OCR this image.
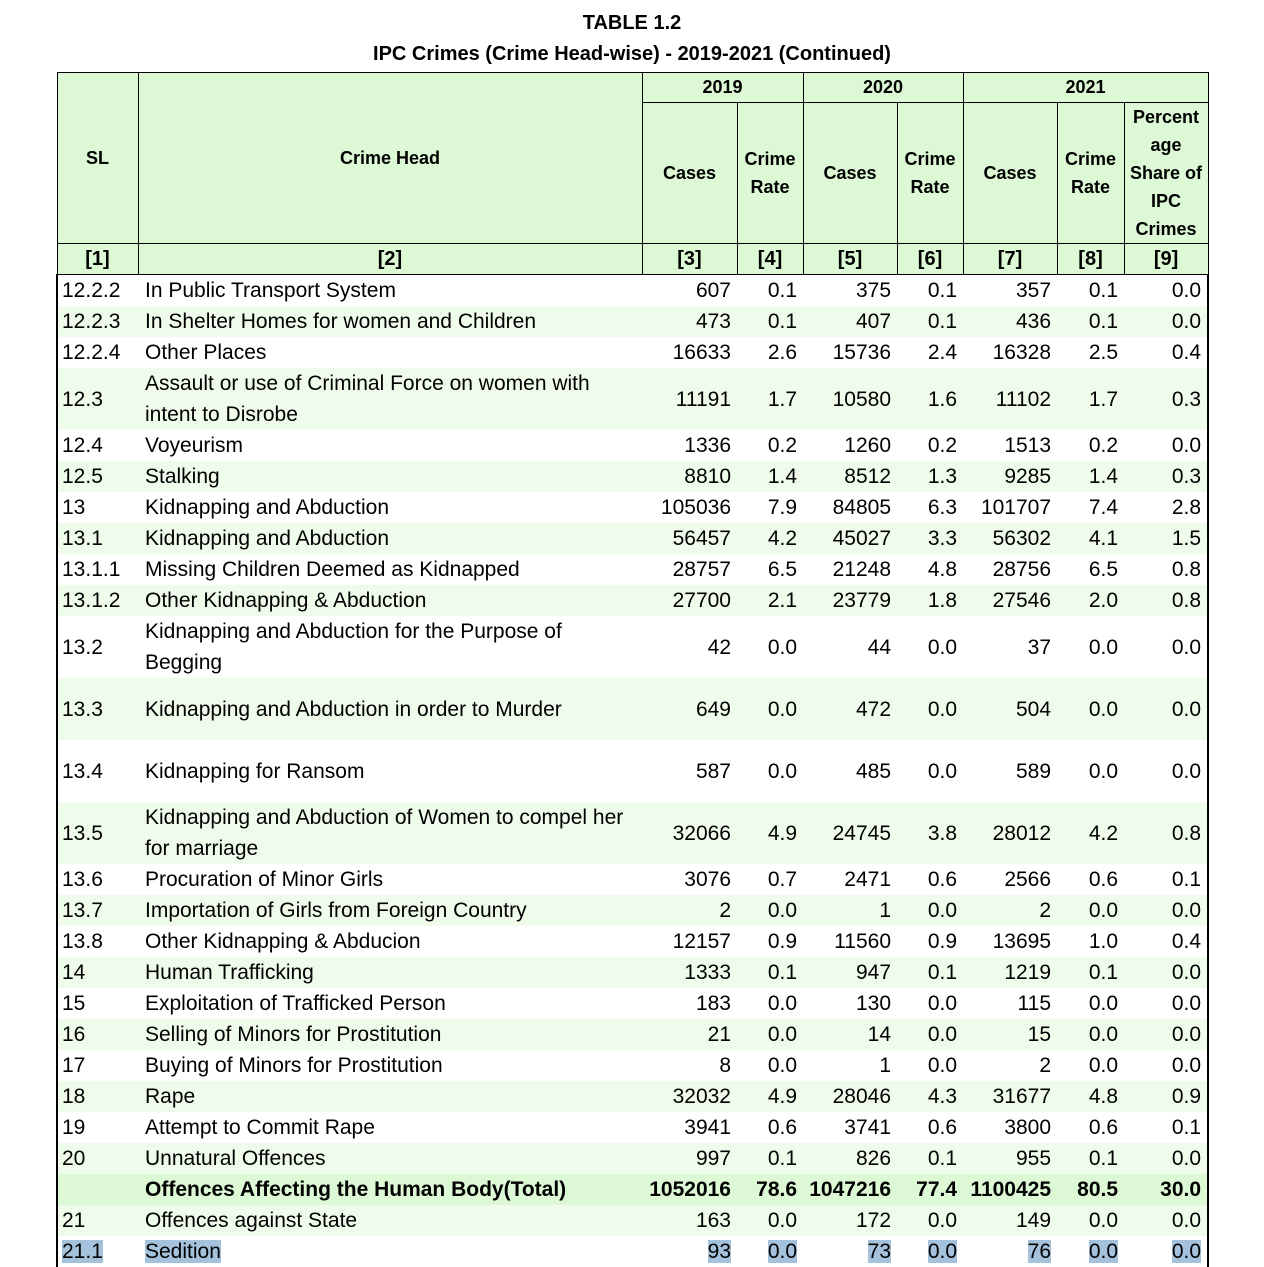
TABLE 1.2
IPC Crimes (Crime Head-wise) - 2019-2021 (Continued)
SL	Crime Head	2019		2020		2021		
		Cases	Crime Rate	Cases	Crime Rate	Cases	Crime Rate	Percent age Share of IPC Crimes
[1]	[2]	[3]	[4]	[5]	[6]	[7]	[8]	[9]
12.2.2	In Public Transport System	607	0.1	375	0.1	357	0.1	0.0
12.2.3	In Shelter Homes for women and Children	473	0.1	407	0.1	436	0.1	0.0
12.2.4	Other Places	16633	2.6	15736	2.4	16328	2.5	0.4
12.3	Assault or use of Criminal Force on women with intent to Disrobe	11191	1.7	10580	1.6	11102	1.7	0.3
12.4	Voyeurism	1336	0.2	1260	0.2	1513	0.2	0.0
12.5	Stalking	8810	1.4	8512	1.3	9285	1.4	0.3
13	Kidnapping and Abduction	105036	7.9	84805	6.3	101707	7.4	2.8
13.1	Kidnapping and Abduction	56457	4.2	45027	3.3	56302	4.1	1.5
13.1.1	Missing Children Deemed as Kidnapped	28757	6.5	21248	4.8	28756	6.5	0.8
13.1.2	Other Kidnapping & Abduction	27700	2.1	23779	1.8	27546	2.0	0.8
13.2	Kidnapping and Abduction for the Purpose of Begging	42	0.0	44	0.0	37	0.0	0.0
13.3	Kidnapping and Abduction in order to Murder	649	0.0	472	0.0	504	0.0	0.0
13.4	Kidnapping for Ransom	587	0.0	485	0.0	589	0.0	0.0
13.5	Kidnapping and Abduction of Women to compel her for marriage	32066	4.9	24745	3.8	28012	4.2	0.8
13.6	Procuration of Minor Girls	3076	0.7	2471	0.6	2566	0.6	0.1
13.7	Importation of Girls from Foreign Country	2	0.0	1	0.0	2	0.0	0.0
13.8	Other Kidnapping & Abducion	12157	0.9	11560	0.9	13695	1.0	0.4
14	Human Trafficking	1333	0.1	947	0.1	1219	0.1	0.0
15	Exploitation of Trafficked Person	183	0.0	130	0.0	115	0.0	0.0
16	Selling of Minors for Prostitution	21	0.0	14	0.0	15	0.0	0.0
17	Buying of Minors for Prostitution	8	0.0	1	0.0	2	0.0	0.0
18	Rape	32032	4.9	28046	4.3	31677	4.8	0.9
19	Attempt to Commit Rape	3941	0.6	3741	0.6	3800	0.6	0.1
20	Unnatural Offences	997	0.1	826	0.1	955	0.1	0.0
	Offences Affecting the Human Body(Total)	1052016	78.6	1047216	77.4	1100425	80.5	30.0
21	Offences against State	163	0.0	172	0.0	149	0.0	0.0
21.1	Sedition	93	0.0	73	0.0	76	0.0	0.0
